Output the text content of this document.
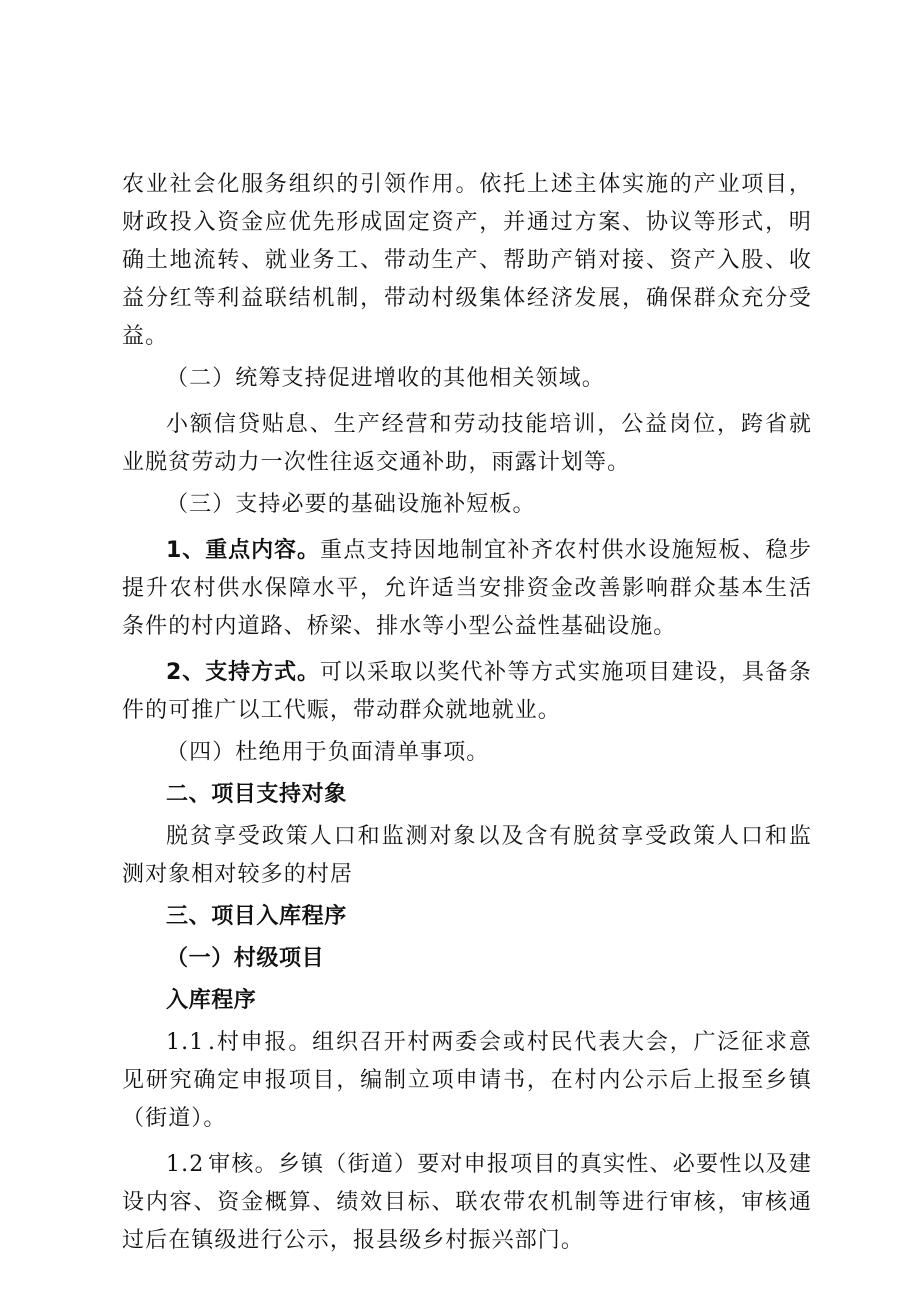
农业社会化服务组织的引领作用。依托上述主体实施的产业项目，财政投入资金应优先形成固定资产，并通过方案、协议等形式，明确土地流转、就业务工、带动生产、帮助产销对接、资产入股、收益分红等利益联结机制，带动村级集体经济发展，确保群众充分受益。

（二）统筹支持促进增收的其他相关领域。

小额信贷贴息、生产经营和劳动技能培训，公益岗位，跨省就业脱贫劳动力一次性往返交通补助，雨露计划等。

（三）支持必要的基础设施补短板。

1、重点内容。重点支持因地制宜补齐农村供水设施短板、稳步提升农村供水保障水平，允许适当安排资金改善影响群众基本生活条件的村内道路、桥梁、排水等小型公益性基础设施。

2、支持方式。可以采取以奖代补等方式实施项目建设，具备条件的可推广以工代赈，带动群众就地就业。

（四）杜绝用于负面清单事项。

二、项目支持对象

脱贫享受政策人口和监测对象以及含有脱贫享受政策人口和监测对象相对较多的村居

三、项目入库程序

（一）村级项目

入库程序

1.1 .村申报。组织召开村两委会或村民代表大会，广泛征求意见研究确定申报项目，编制立项申请书，在村内公示后上报至乡镇（街道）。

1.2 审核。乡镇（街道）要对申报项目的真实性、必要性以及建设内容、资金概算、绩效目标、联农带农机制等进行审核，审核通过后在镇级进行公示，报县级乡村振兴部门。
